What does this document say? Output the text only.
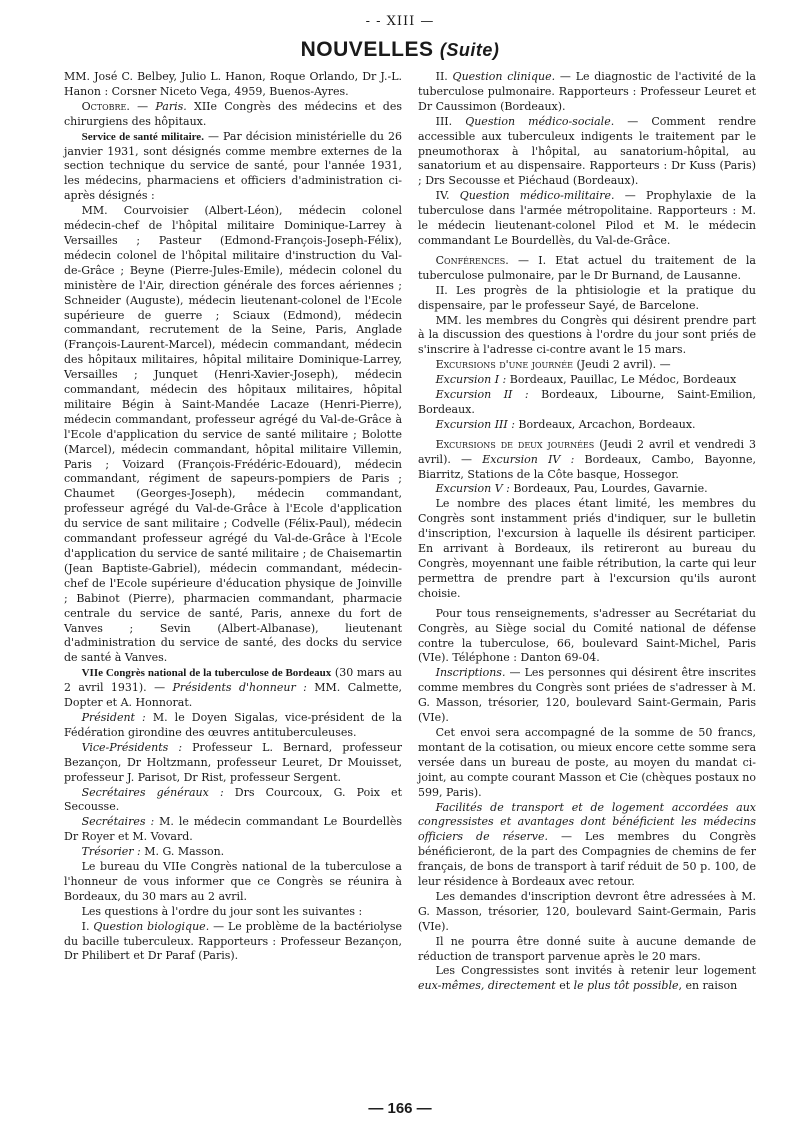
- - XIII —
NOUVELLES (Suite)

MM. José C. Belbey, Julio L. Hanon, Roque Orlando, Dr J.-L. Hanon : Corsner Niceto Vega, 4959, Buenos-Ayres.

Octobre. — Paris. XIIe Congrès des médecins et des chirurgiens des hôpitaux.

Service de santé militaire. — Par décision ministérielle du 26 janvier 1931, sont désignés comme membre externes de la section technique du service de santé, pour l'année 1931, les médecins, pharmaciens et officiers d'administration ci-après désignés :

MM. Courvoisier (Albert-Léon), médecin colonel médecin-chef de l'hôpital militaire Dominique-Larrey à Versailles ; Pasteur (Edmond-François-Joseph-Félix), médecin colonel de l'hôpital militaire d'instruction du Val-de-Grâce ; Beyne (Pierre-Jules-Emile), médecin colonel du ministère de l'Air, direction générale des forces aériennes ; Schneider (Auguste), médecin lieutenant-colonel de l'Ecole supérieure de guerre ; Sciaux (Edmond), médecin commandant, recrutement de la Seine, Paris, Anglade (François-Laurent-Marcel), médecin commandant, médecin des hôpitaux militaires, hôpital militaire Dominique-Larrey, Versailles ; Junquet (Henri-Xavier-Joseph), médecin commandant, médecin des hôpitaux militaires, hôpital militaire Bégin à Saint-Mandée Lacaze (Henri-Pierre), médecin commandant, professeur agrégé du Val-de-Grâce à l'Ecole d'application du service de santé militaire ; Bolotte (Marcel), médecin commandant, hôpital militaire Villemin, Paris ; Voizard (François-Frédéric-Edouard), médecin commandant, régiment de sapeurs-pompiers de Paris ; Chaumet (Georges-Joseph), médecin commandant, professeur agrégé du Val-de-Grâce à l'Ecole d'application du service de sant militaire ; Codvelle (Félix-Paul), médecin commandant professeur agrégé du Val-de-Grâce à l'Ecole d'application du service de santé militaire ; de Chaisemartin (Jean Baptiste-Gabriel), médecin commandant, médecin-chef de l'Ecole supérieure d'éducation physique de Joinville ; Babinot (Pierre), pharmacien commandant, pharmacie centrale du service de santé, Paris, annexe du fort de Vanves ; Sevin (Albert-Albanase), lieutenant d'administration du service de santé, des docks du service de santé à Vanves.

VIIe Congrès national de la tuberculose de Bordeaux (30 mars au 2 avril 1931). — Présidents d'honneur : MM. Calmette, Dopter et A. Honnorat.

Président : M. le Doyen Sigalas, vice-président de la Fédération girondine des œuvres antituberculeuses.

Vice-Présidents : Professeur L. Bernard, professeur Bezançon, Dr Holtzmann, professeur Leuret, Dr Mouisset, professeur J. Parisot, Dr Rist, professeur Sergent.

Secrétaires généraux : Drs Courcoux, G. Poix et Secousse.

Secrétaires : M. le médecin commandant Le Bourdellès Dr Royer et M. Vovard.

Trésorier : M. G. Masson.

Le bureau du VIIe Congrès national de la tuberculose a l'honneur de vous informer que ce Congrès se réunira à Bordeaux, du 30 mars au 2 avril.

Les questions à l'ordre du jour sont les suivantes :

I. Question biologique. — Le problème de la bactériolyse du bacille tuberculeux. Rapporteurs : Professeur Bezançon, Dr Philibert et Dr Paraf (Paris).

II. Question clinique. — Le diagnostic de l'activité de la tuberculose pulmonaire. Rapporteurs : Professeur Leuret et Dr Caussimon (Bordeaux).

III. Question médico-sociale. — Comment rendre accessible aux tuberculeux indigents le traitement par le pneumothorax à l'hôpital, au sanatorium-hôpital, au sanatorium et au dispensaire. Rapporteurs : Dr Kuss (Paris) ; Drs Secousse et Piéchaud (Bordeaux).

IV. Question médico-militaire. — Prophylaxie de la tuberculose dans l'armée métropolitaine. Rapporteurs : M. le médecin lieutenant-colonel Pilod et M. le médecin commandant Le Bourdellès, du Val-de-Grâce.

Conférences. — I. Etat actuel du traitement de la tuberculose pulmonaire, par le Dr Burnand, de Lausanne.

II. Les progrès de la phtisiologie et la pratique du dispensaire, par le professeur Sayé, de Barcelone.

MM. les membres du Congrès qui désirent prendre part à la discussion des questions à l'ordre du jour sont priés de s'inscrire à l'adresse ci-contre avant le 15 mars.

Excursions d'une journée (Jeudi 2 avril). —

Excursion I : Bordeaux, Pauillac, Le Médoc, Bordeaux

Excursion II : Bordeaux, Libourne, Saint-Emilion, Bordeaux.

Excursion III : Bordeaux, Arcachon, Bordeaux.

Excursions de deux journées (Jeudi 2 avril et vendredi 3 avril). — Excursion IV : Bordeaux, Cambo, Bayonne, Biarritz, Stations de la Côte basque, Hossegor.

Excursion V : Bordeaux, Pau, Lourdes, Gavarnie.

Le nombre des places étant limité, les membres du Congrès sont instamment priés d'indiquer, sur le bulletin d'inscription, l'excursion à laquelle ils désirent participer. En arrivant à Bordeaux, ils retireront au bureau du Congrès, moyennant une faible rétribution, la carte qui leur permettra de prendre part à l'excursion qu'ils auront choisie.

Pour tous renseignements, s'adresser au Secrétariat du Congrès, au Siège social du Comité national de défense contre la tuberculose, 66, boulevard Saint-Michel, Paris (VIe). Téléphone : Danton 69-04.

Inscriptions. — Les personnes qui désirent être inscrites comme membres du Congrès sont priées de s'adresser à M. G. Masson, trésorier, 120, boulevard Saint-Germain, Paris (VIe).

Cet envoi sera accompagné de la somme de 50 francs, montant de la cotisation, ou mieux encore cette somme sera versée dans un bureau de poste, au moyen du mandat ci-joint, au compte courant Masson et Cie (chèques postaux no 599, Paris).

Facilités de transport et de logement accordées aux congressistes et avantages dont bénéficient les médecins officiers de réserve. — Les membres du Congrès bénéficieront, de la part des Compagnies de chemins de fer français, de bons de transport à tarif réduit de 50 p. 100, de leur résidence à Bordeaux avec retour.

Les demandes d'inscription devront être adressées à M. G. Masson, trésorier, 120, boulevard Saint-Germain, Paris (VIe).

Il ne pourra être donné suite à aucune demande de réduction de transport parvenue après le 20 mars.

Les Congressistes sont invités à retenir leur logement eux-mêmes, directement et le plus tôt possible, en raison

— 166 —
